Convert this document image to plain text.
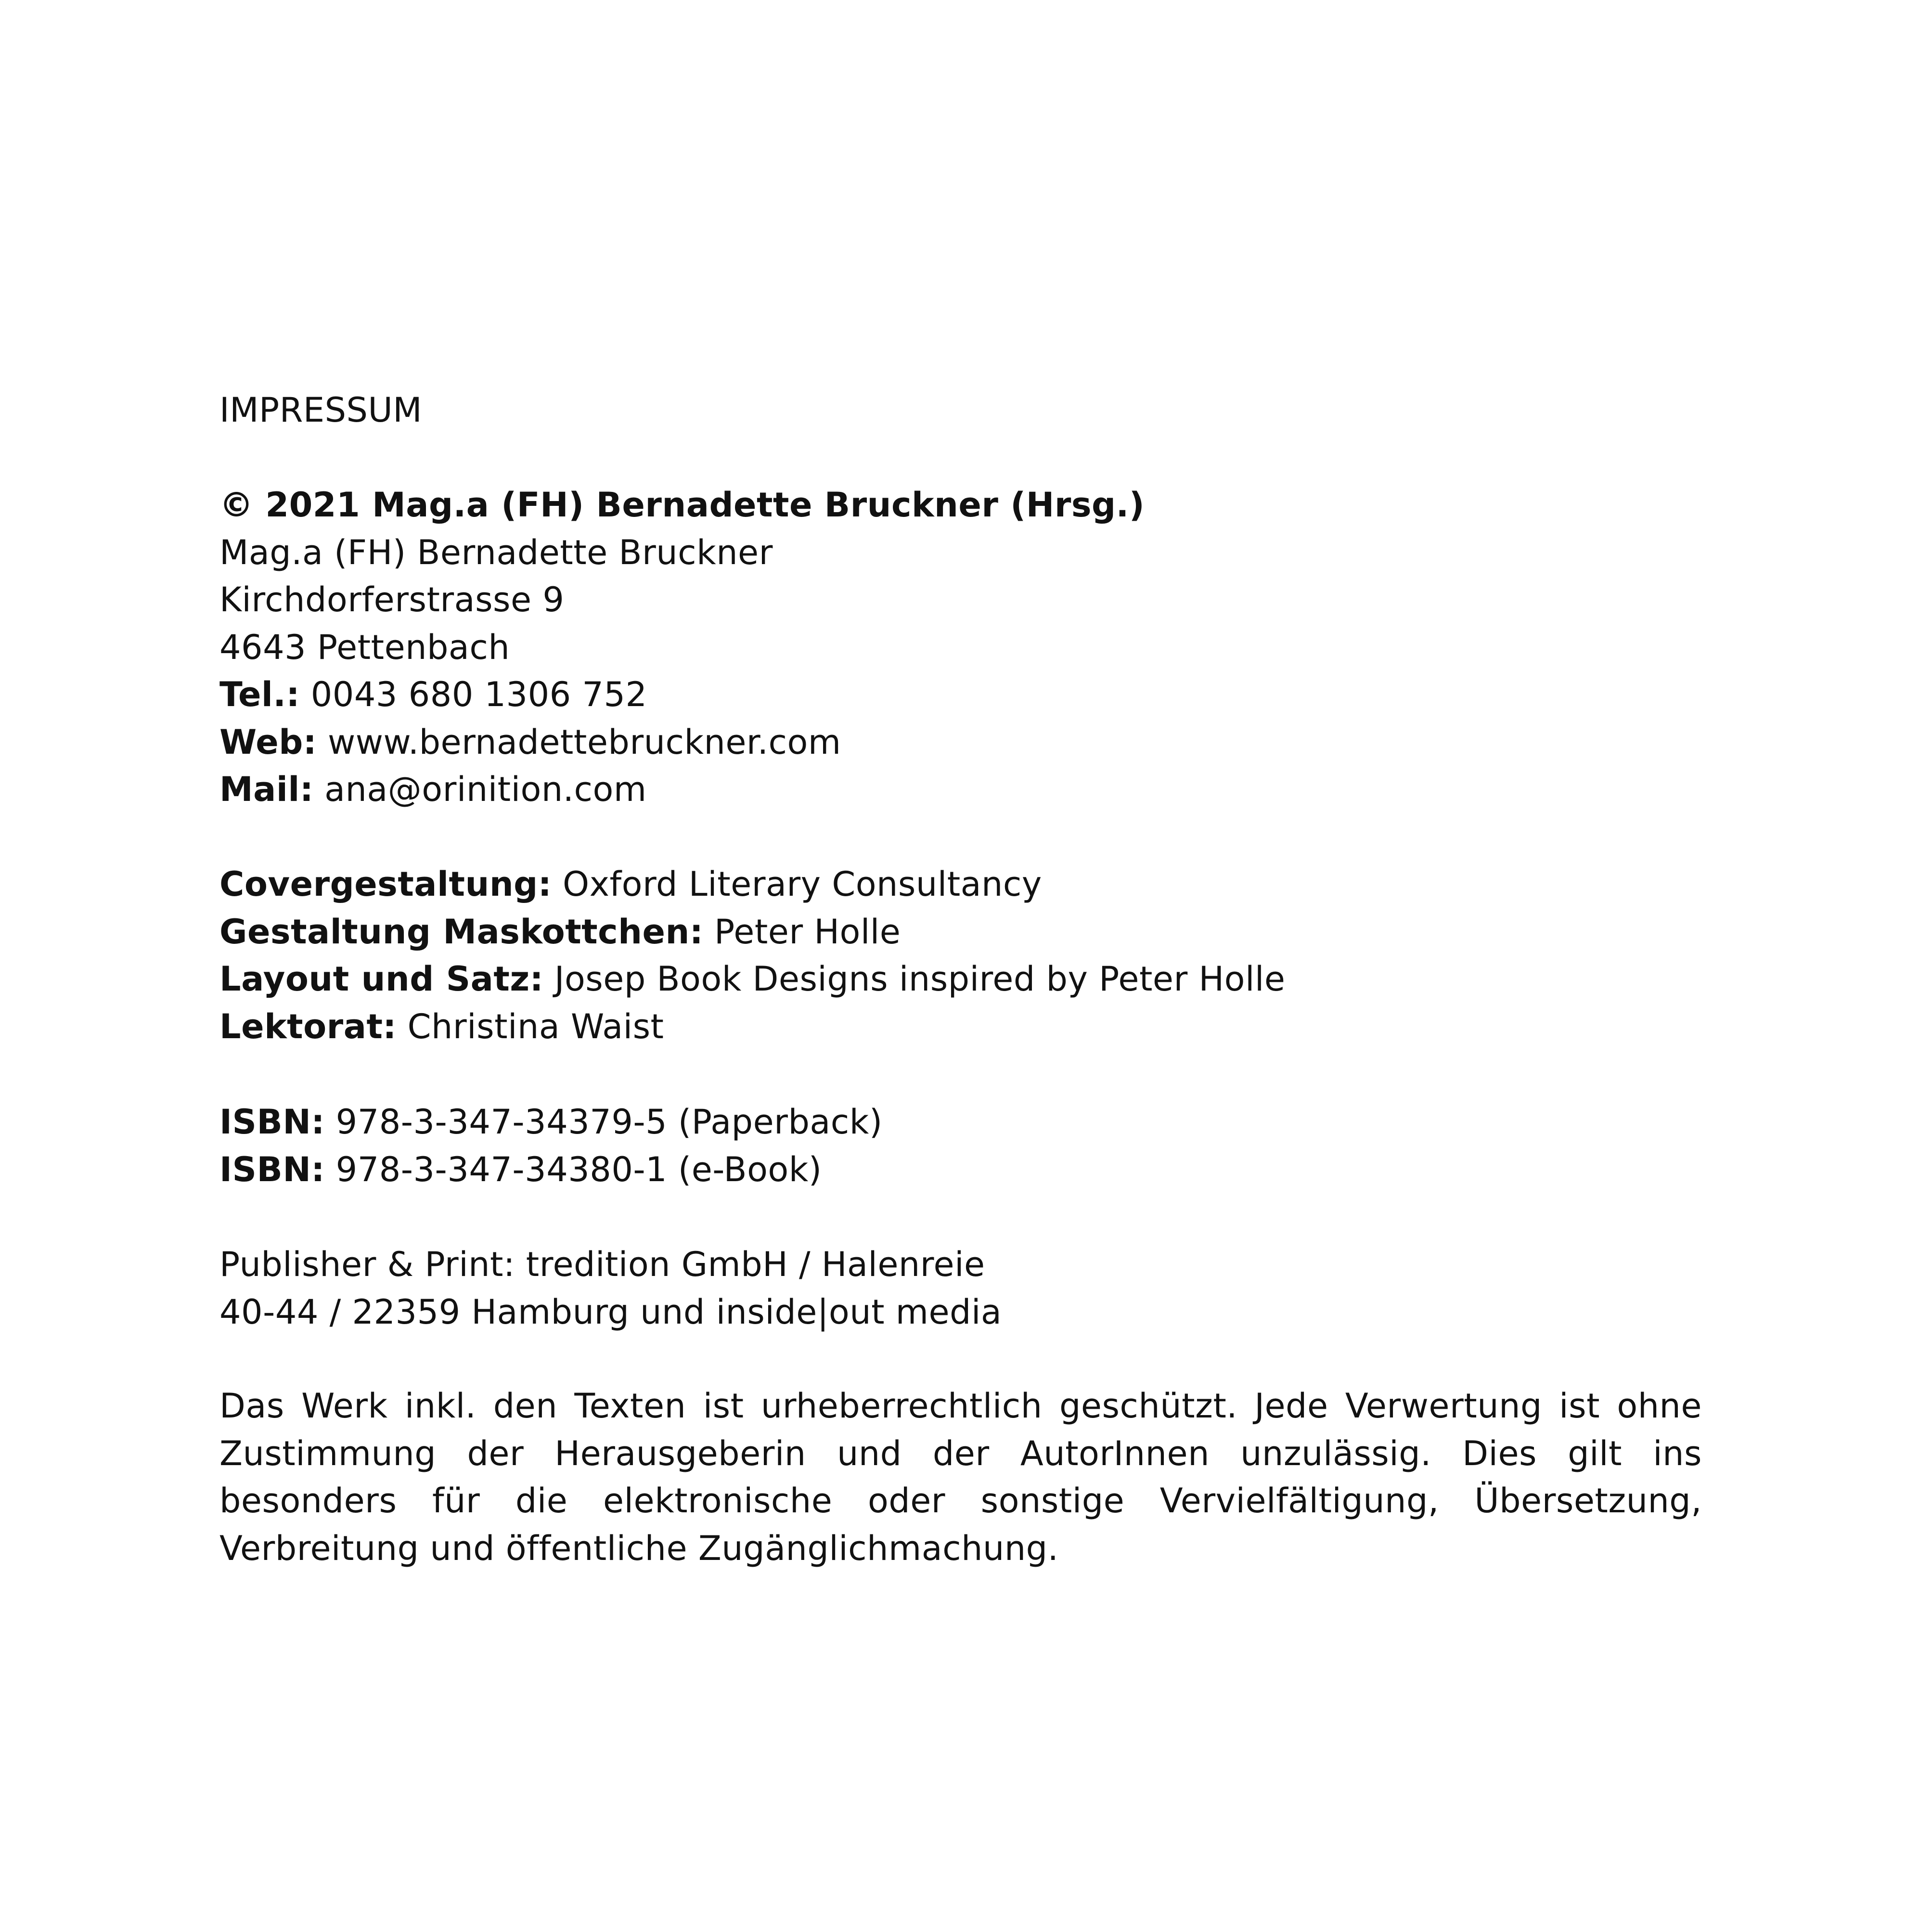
IMPRESSUM
© 2021 Mag.a (FH) Bernadette Bruckner (Hrsg.)
Mag.a (FH) Bernadette Bruckner
Kirchdorferstrasse 9
4643 Pettenbach
Tel.: 0043 680 1306 752
Web: www.bernadettebruckner.com
Mail: ana@orinition.com
Covergestaltung: Oxford Literary Consultancy
Gestaltung Maskottchen: Peter Holle
Layout und Satz: Josep Book Designs inspired by Peter Holle
Lektorat: Christina Waist
ISBN: 978-3-347-34379-5 (Paperback)
ISBN: 978-3-347-34380-1 (e-Book)
Publisher & Print: tredition GmbH / Halenreie
40-44 / 22359 Hamburg und inside|out media
Das Werk inkl. den Texten ist urheberrechtlich geschützt. Jede Verwertung ist ohne Zustimmung der Herausgeberin und der AutorInnen unzulässig. Dies gilt ins besonders für die elektronische oder sonstige Vervielfältigung, Übersetzung, Verbreitung und öffentliche Zugänglichmachung.
